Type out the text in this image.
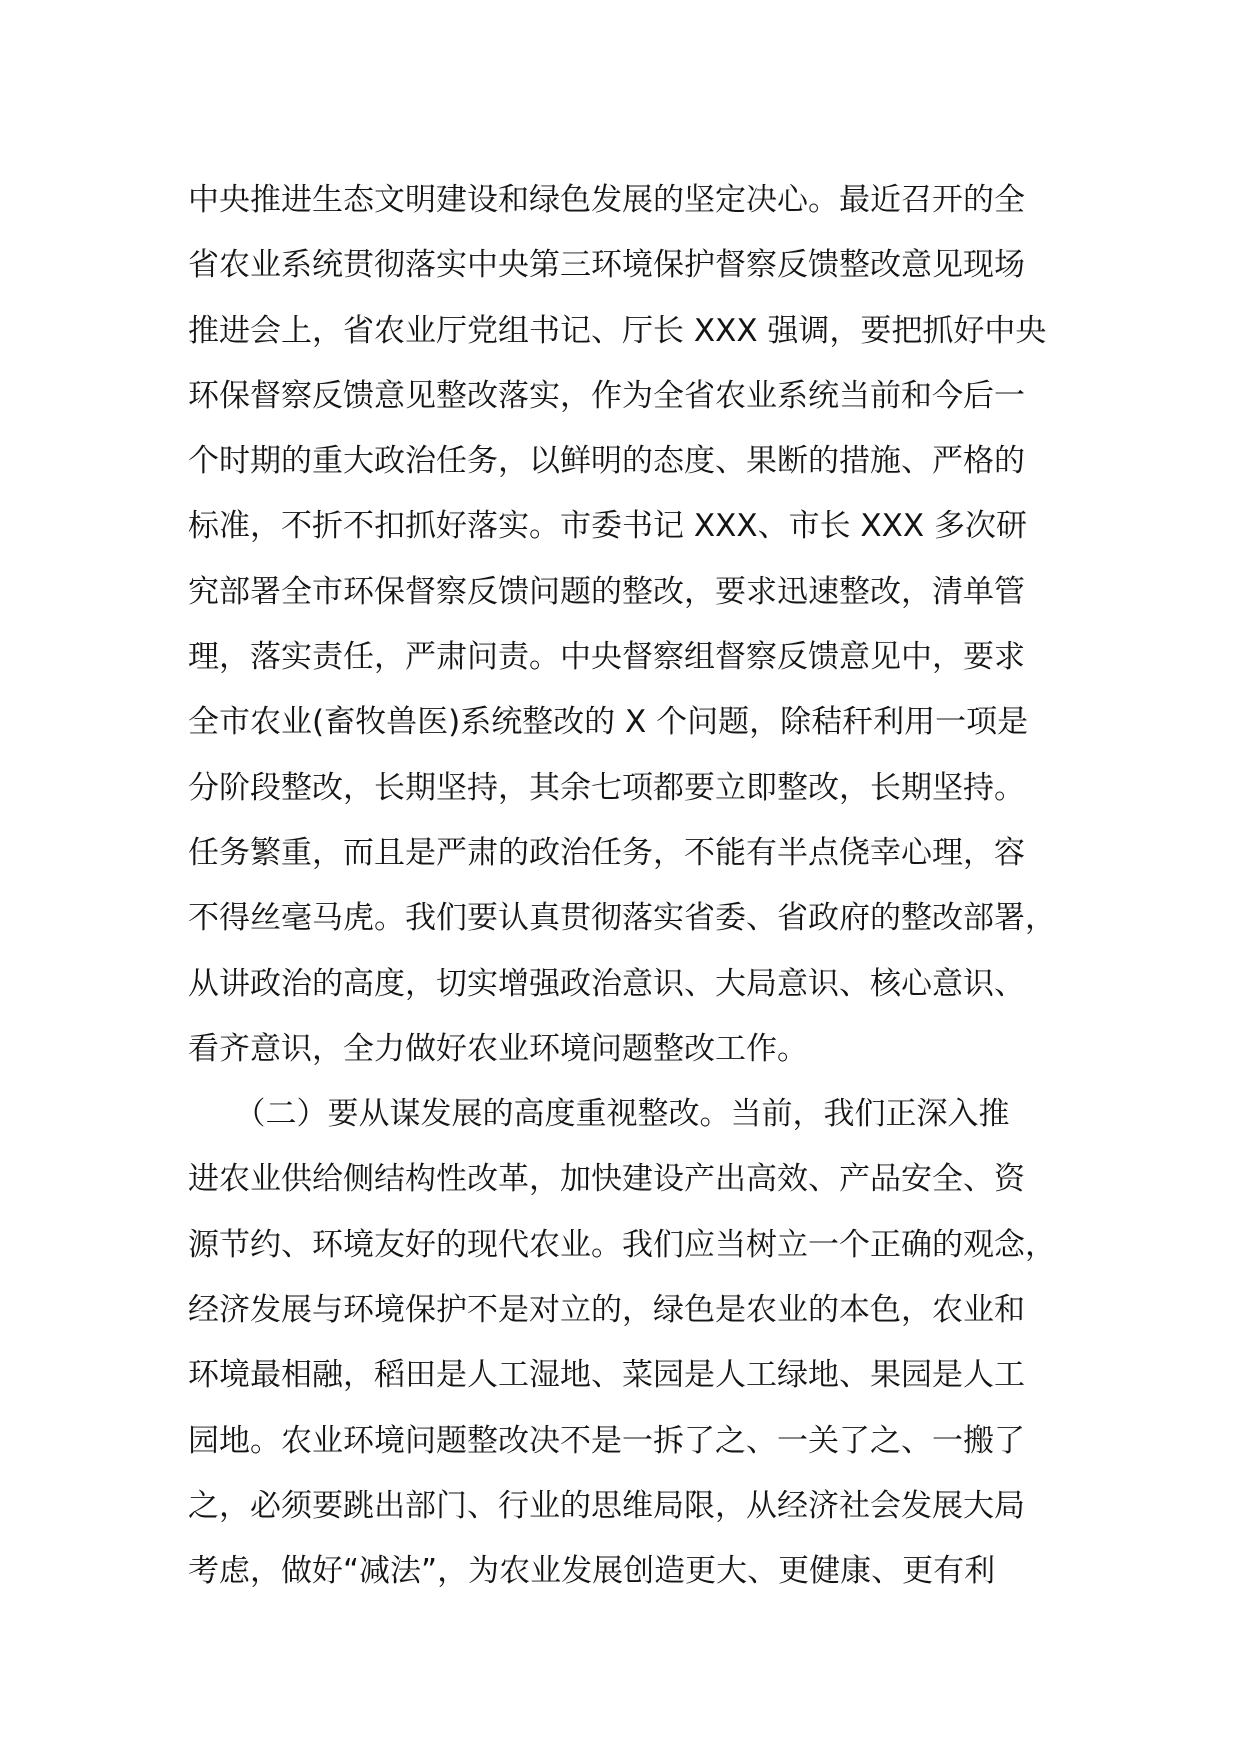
中央推进生态文明建设和绿色发展的坚定决心。最近召开的全
省农业系统贯彻落实中央第三环境保护督察反馈整改意见现场
推进会上，省农业厅党组书记、厅长 XXX 强调，要把抓好中央
环保督察反馈意见整改落实，作为全省农业系统当前和今后一
个时期的重大政治任务，以鲜明的态度、果断的措施、严格的
标准，不折不扣抓好落实。市委书记 XXX、市长 XXX 多次研
究部署全市环保督察反馈问题的整改，要求迅速整改，清单管
理，落实责任，严肃问责。中央督察组督察反馈意见中，要求
全市农业(畜牧兽医)系统整改的 X 个问题，除秸秆利用一项是
分阶段整改，长期坚持，其余七项都要立即整改，长期坚持。
任务繁重，而且是严肃的政治任务，不能有半点侥幸心理，容
不得丝毫马虎。我们要认真贯彻落实省委、省政府的整改部署，
从讲政治的高度，切实增强政治意识、大局意识、核心意识、
看齐意识，全力做好农业环境问题整改工作。
　　（二）要从谋发展的高度重视整改。当前，我们正深入推
进农业供给侧结构性改革，加快建设产出高效、产品安全、资
源节约、环境友好的现代农业。我们应当树立一个正确的观念，
经济发展与环境保护不是对立的，绿色是农业的本色，农业和
环境最相融，稻田是人工湿地、菜园是人工绿地、果园是人工
园地。农业环境问题整改决不是一拆了之、一关了之、一搬了
之，必须要跳出部门、行业的思维局限，从经济社会发展大局
考虑，做好“减法”，为农业发展创造更大、更健康、更有利
